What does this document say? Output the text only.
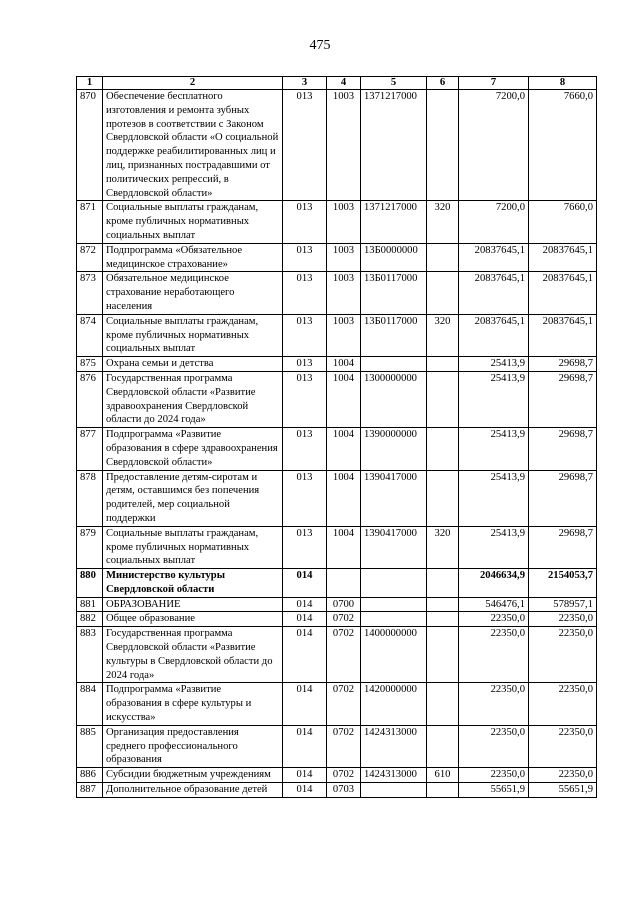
475
1	2	3	4	5	6	7	8
870	Обеспечение бесплатного изготовления и ремонта зубных протезов в соответствии с Законом Свердловской области «О социальной поддержке реабилитированных лиц и лиц, признанных пострадавшими от политических репрессий, в Свердловской области»	013	1003	1371217000		7200,0	7660,0
871	Социальные выплаты гражданам, кроме публичных нормативных социальных выплат	013	1003	1371217000	320	7200,0	7660,0
872	Подпрограмма «Обязательное медицинское страхование»	013	1003	13Б0000000		20837645,1	20837645,1
873	Обязательное медицинское страхование неработающего населения	013	1003	13Б0117000		20837645,1	20837645,1
874	Социальные выплаты гражданам, кроме публичных нормативных социальных выплат	013	1003	13Б0117000	320	20837645,1	20837645,1
875	Охрана семьи и детства	013	1004			25413,9	29698,7
876	Государственная программа Свердловской области «Развитие здравоохранения Свердловской области до 2024 года»	013	1004	1300000000		25413,9	29698,7
877	Подпрограмма «Развитие образования в сфере здравоохранения Свердловской области»	013	1004	1390000000		25413,9	29698,7
878	Предоставление детям-сиротам и детям, оставшимся без попечения родителей, мер социальной поддержки	013	1004	1390417000		25413,9	29698,7
879	Социальные выплаты гражданам, кроме публичных нормативных социальных выплат	013	1004	1390417000	320	25413,9	29698,7
880	Министерство культуры Свердловской области	014				2046634,9	2154053,7
881	ОБРАЗОВАНИЕ	014	0700			546476,1	578957,1
882	Общее образование	014	0702			22350,0	22350,0
883	Государственная программа Свердловской области «Развитие культуры в Свердловской области до 2024 года»	014	0702	1400000000		22350,0	22350,0
884	Подпрограмма «Развитие образования в сфере культуры и искусства»	014	0702	1420000000		22350,0	22350,0
885	Организация предоставления среднего профессионального образования	014	0702	1424313000		22350,0	22350,0
886	Субсидии бюджетным учреждениям	014	0702	1424313000	610	22350,0	22350,0
887	Дополнительное образование детей	014	0703			55651,9	55651,9
